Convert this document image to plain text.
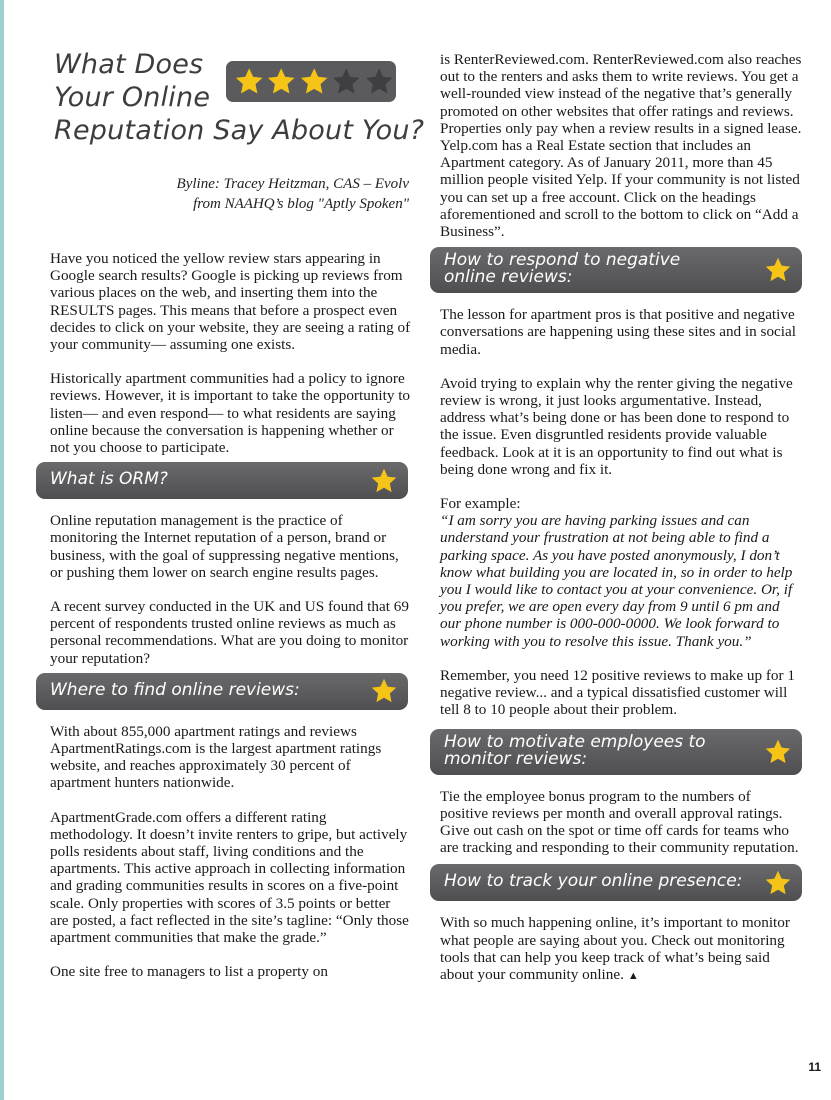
What Does
Your Online
Reputation Say About You?
Byline: Tracey Heitzman, CAS – Evolv
from NAAHQ’s blog "Aptly Spoken"

Have you noticed the yellow review stars appearing in Google search results? Google is picking up reviews from various places on the web, and inserting them into the RESULTS pages. This means that before a prospect even decides to click on your website, they are seeing a rating of your community— assuming one exists.

Historically apartment communities had a policy to ignore reviews. However, it is important to take the opportunity to listen— and even respond— to what residents are saying online because the conversation is happening whether or not you choose to participate.

What is ORM?

Online reputation management is the practice of monitoring the Internet reputation of a person, brand or business, with the goal of suppressing negative mentions, or pushing them lower on search engine results pages.

A recent survey conducted in the UK and US found that 69 percent of respondents trusted online reviews as much as personal recommendations. What are you doing to monitor your reputation?

Where to find online reviews:

With about 855,000 apartment ratings and reviews ApartmentRatings.com is the largest apartment ratings website, and reaches approximately 30 percent of apartment hunters nationwide.

ApartmentGrade.com offers a different rating methodology. It doesn’t invite renters to gripe, but actively polls residents about staff, living conditions and the apartments. This active approach in collecting information and grading communities results in scores on a five-point scale. Only properties with scores of 3.5 points or better are posted, a fact reflected in the site’s tagline: “Only those apartment communities that make the grade.”

One site free to managers to list a property on

is RenterReviewed.com. RenterReviewed.com also reaches out to the renters and asks them to write reviews. You get a well-rounded view instead of the negative that’s generally promoted on other websites that offer ratings and reviews. Properties only pay when a review results in a signed lease. Yelp.com has a Real Estate section that includes an Apartment category. As of January 2011, more than 45 million people visited Yelp. If your community is not listed you can set up a free account. Click on the headings aforementioned and scroll to the bottom to click on “Add a Business”.

How to respond to negative
online reviews:

The lesson for apartment pros is that positive and negative conversations are happening using these sites and in social media.

Avoid trying to explain why the renter giving the negative review is wrong, it just looks argumentative. Instead, address what’s being done or has been done to respond to the issue. Even disgruntled residents provide valuable feedback. Look at it is an opportunity to find out what is being done wrong and fix it.

For example:

“I am sorry you are having parking issues and can understand your frustration at not being able to find a parking space. As you have posted anonymously, I don’t know what building you are located in, so in order to help you I would like to contact you at your convenience. Or, if you prefer, we are open every day from 9 until 6 pm and our phone number is 000-000-0000. We look forward to working with you to resolve this issue. Thank you.”

Remember, you need 12 positive reviews to make up for 1 negative review... and a typical dissatisfied customer will tell 8 to 10 people about their problem.

How to motivate employees to
monitor reviews:

Tie the employee bonus program to the numbers of positive reviews per month and overall approval ratings. Give out cash on the spot or time off cards for teams who are tracking and responding to their community reputation.

How to track your online presence:

With so much happening online, it’s important to monitor what people are saying about you. Check out monitoring tools that can help you keep track of what’s being said about your community online. ▲

11
